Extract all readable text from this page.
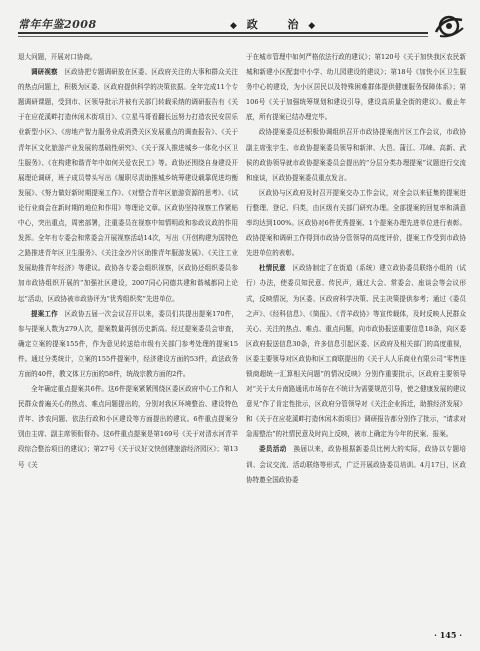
常年年鉴2008	◆ 政	治 ◆

退大问题，开展对口协商。

调研视察　 区政协把专题调研放在区委、区政府关注的大事和群众关注的热点问题上，积极为区委、区政府提供科学的决策依据。全年完成11个专题调研课题，受到市、区领导批示并被有关部门转载采纳的调研报告有《关于在应花溪畔打造休闲木街项目》、《立星马哥看翻长远努力打造农民安居乐业新型小区》、《房地产智力服务业成消费关区发展重点的调查报告》、《关于青年区文化旅游产业发展的基础性研究》、《关于深入推进城乡一体化小区卫生服务》、《在构建和谐青年中如何关爱农民工》等。政协还围绕自身建设开展理论调研，班子成员带头写出《履职尽责助推城乡统筹建设载靠促进均衡发展》、《努力做好新时期提案工作》、《对整合青年区旅游资源的思考》、《试论行业商会在新时期的地位和作用》等理论文章。区政协坚持视察工作紧贴中心，突出重点，周密部署，注重委员在视察中知情明政和参政议政的作用发挥。全年有专委会和常委会开展视察活动14次，写出《开创构建为国特色之路推进青年区卫生服务》、《关注金沙片区助推青年服游发展》、《关注工业发展助推青年经济》等建议。政协各专委会组织视察，区政协还组织委员参加市政协组织开展的“加强社区建设，2007同心同德共建和谐城都同上论坛”活动，区政协被市政协评为“优秀组织奖”先进单位。

提案工作　 区政协五届一次会议召开以来，委员们共提出提案170件，参与提案人数为279人次，提案数量再创历史新高。经过提案委员会审查，确定立案的提案155件，作为意见转送给市级有关部门参考处理的提案15件。通过分类统计，立案的155件提案中，经济建设方面的53件，政法政务方面的40件，教文体卫方面的58件，统战宗教方面的2件。

全年确定重点提案共6件。这6件提案紧紧围绕区委区政府中心工作和人民群众普遍关心的热点、难点问题提出的，分别对我区环境整治、建设特色青年、涉农问题、依法行政和小区建设等方面提出的建议。6件重点提案分别由主席、副主席领衔督办。这6件重点提案是第169号《关于对清水河青羊段综合整治项目的建议》；第27号《关于议好文快创建旅游经济园区》；第13号《关

于在城市管理中如何严格依法行政的建议》；第120号《关于加快我区农民新城和新建小区配套中小学、幼儿园建设的建议》；第18号《加快小区卫生服务中心的建设，为小区居民以及特殊困难群体提供健康服务保障体系》；第106号《关于加强统筹规划和建设引导，建设高质量全街的建议》。截止年底，所有提案已结办理完毕。

政协提案委员还积极协调组织召开市政协提案南片区工作会议，市政协副主席张宇生、市政协提案委员领导和新津、大邑、蒲江、邛崃、高新、武侯的政协领导就市政协提案委员会提出的“分层分类办理提案”议题进行交流和座谈，区政协提案委员重点发言。

区政协与区政府及时召开提案交办工作会议，对全会以来征集的提案进行整理、登记、归类，由区级有关部门研究办理。全部提案的回复率和满意率均达到100%。区政协对6件优秀提案、1个提案办理先进单位进行表彰。政协提案和调研工作得到市政协分管领导的高度评价，提案工作受到市政协先进单位的表彰。

杜情民意　 区政协制定了在街道（系统）建立政协委员联络小组的（试行）办法，使委员知民意、传民声，通过大会、常委会、座谈会等会议形式，反映情况，为区委、区政府科学决策、民主决策提供参考；通过《委员之声》、《经科信息》、《简报》、《青羊政协》等宣传载体，及时反映人民群众关心、关注的热点、难点、重点问题，向市政协报送重要信息18条，向区委区政府报送信息30条，许多信息引起区委、区政府及相关部门的高度重视，区委主要领导对区政协和区工商联提出的《关于人人乐商业有限公司“零售连锁商超统一汇算相关问题”的情况反映》分别作重要批示，区政府主要领导对“关于太升南路通讯市场存在不统计为需要规范引导，使之健康发展的建议意见”作了肯定性批示，区政府分管领导对《关注企业拆迁，助推经济发展》和《关于在应花溪畔打造休闲木街项目》调研报告都分别作了批示，“请求对急需整治”的社情民意及时向上反映，被市上确定为今年的民案、报案。

委员活动　 换届以来，政协根据新委员比例大的实际，政协以专题培训、会议交流、活动联络等形式，广泛开展政协委员培训。4月17日，区政协特邀全国政协委

· 145 ·
